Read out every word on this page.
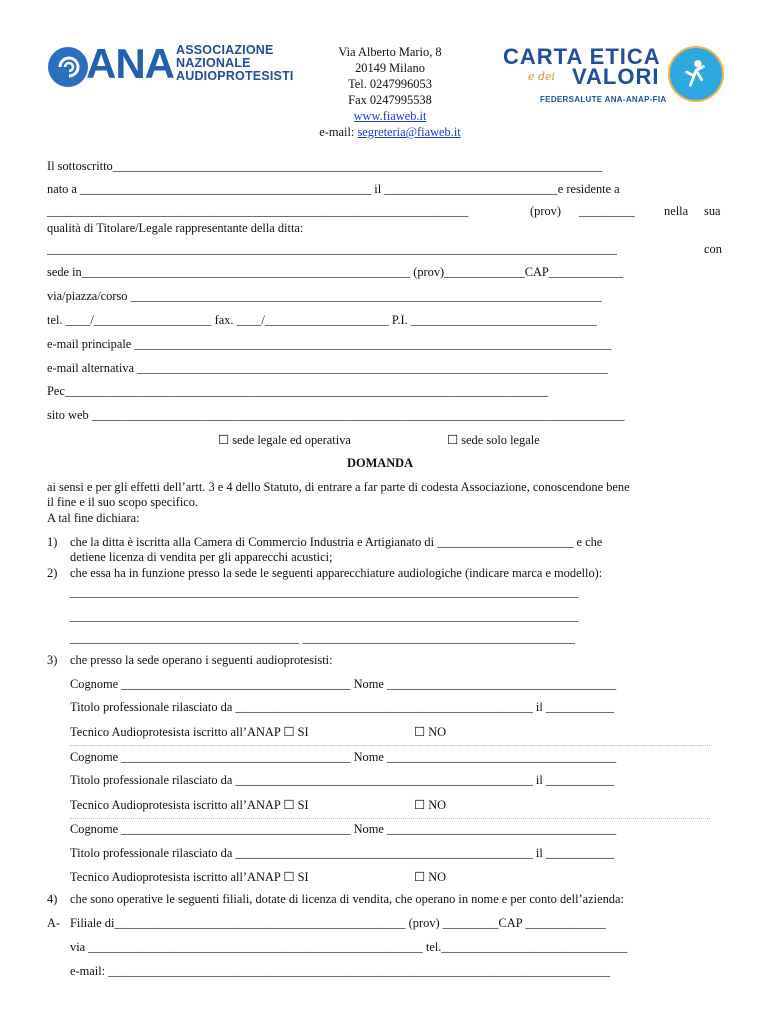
ANA ASSOCIAZIONE
NAZIONALE
AUDIOPROTESISTI
Via Alberto Mario, 8
20149 Milano
Tel. 0247996053
Fax 0247995538
www.fiaweb.it
e-mail: segreteria@fiaweb.it
CARTA ETICA
e dei VALORI
FEDERSALUTE ANA-ANAP-FIA
Il sottoscritto_______________________________________________________________________________
nato a _______________________________________________ il ____________________________e residente a
____________________________________________________________________	(prov) _________ nella sua
qualità di Titolare/Legale rappresentante della ditta:
____________________________________________________________________________________________	con
sede in_____________________________________________________ (prov)_____________CAP____________
via/piazza/corso ____________________________________________________________________________
tel. ____/___________________ fax. ____/____________________ P.I. ______________________________
e-mail principale _____________________________________________________________________________
e-mail alternativa ____________________________________________________________________________
Pec______________________________________________________________________________
sito web ______________________________________________________________________________________
☐ sede legale ed operativa	☐ sede solo legale
DOMANDA
ai sensi e per gli effetti dell’artt. 3 e 4 dello Statuto, di entrare a far parte di codesta Associazione, conoscendone bene
il fine e il suo scopo specifico.
A tal fine dichiara:
1) che la ditta è iscritta alla Camera di Commercio Industria e Artigianato di ______________________ e che
detiene licenza di vendita per gli apparecchi acustici;
2) che essa ha in funzione presso la sede le seguenti apparecchiature audiologiche (indicare marca e modello):
__________________________________________________________________________________
__________________________________________________________________________________
_____________________________________ ____________________________________________
3) che presso la sede operano i seguenti audioprotesisti:
Cognome _____________________________________ Nome _____________________________________
Titolo professionale rilasciato da ________________________________________________ il ___________
Tecnico Audioprotesista iscritto all’ANAP ☐ SI	☐ NO
Cognome _____________________________________ Nome _____________________________________
Titolo professionale rilasciato da ________________________________________________ il ___________
Tecnico Audioprotesista iscritto all’ANAP ☐ SI	☐ NO
Cognome _____________________________________ Nome _____________________________________
Titolo professionale rilasciato da ________________________________________________ il ___________
Tecnico Audioprotesista iscritto all’ANAP ☐ SI	☐ NO
4) che sono operative le seguenti filiali, dotate di licenza di vendita, che operano in nome e per conto dell’azienda:
A- Filiale di_______________________________________________ (prov) _________CAP _____________
via ______________________________________________________ tel.______________________________
e-mail: _________________________________________________________________________________
